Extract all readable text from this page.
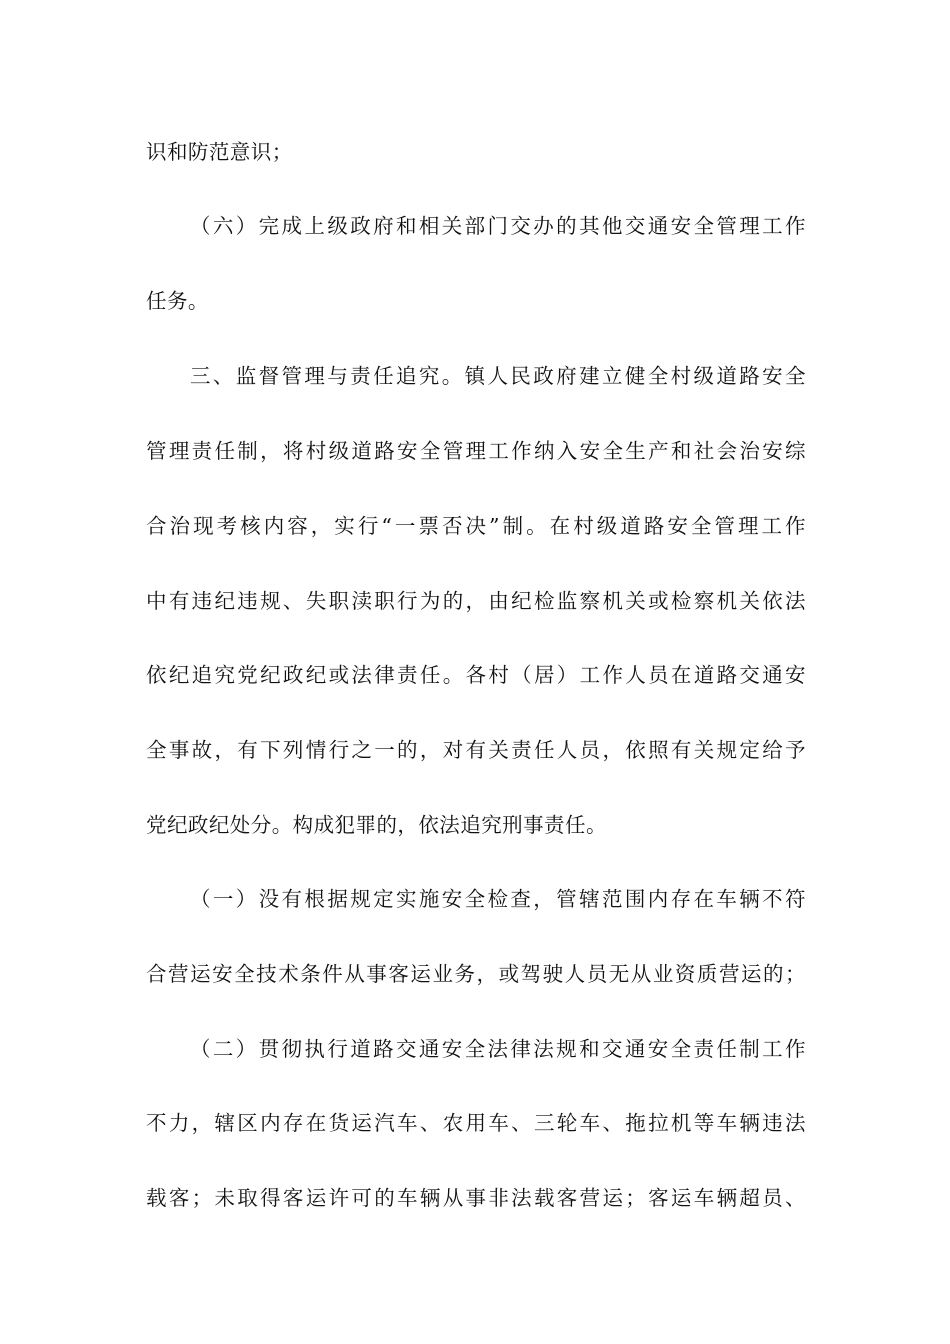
识和防范意识；
（六）完成上级政府和相关部门交办的其他交通安全管理工作
任务。
三、监督管理与责任追究。镇人民政府建立健全村级道路安全
管理责任制，将村级道路安全管理工作纳入安全生产和社会治安综
合治现考核内容，实行“一票否决”制。在村级道路安全管理工作
中有违纪违规、失职渎职行为的，由纪检监察机关或检察机关依法
依纪追究党纪政纪或法律责任。各村（居）工作人员在道路交通安
全事故，有下列情行之一的，对有关责任人员，依照有关规定给予
党纪政纪处分。构成犯罪的，依法追究刑事责任。
（一）没有根据规定实施安全检查，管辖范围内存在车辆不符
合营运安全技术条件从事客运业务，或驾驶人员无从业资质营运的；
（二）贯彻执行道路交通安全法律法规和交通安全责任制工作
不力，辖区内存在货运汽车、农用车、三轮车、拖拉机等车辆违法
载客；未取得客运许可的车辆从事非法载客营运；客运车辆超员、
